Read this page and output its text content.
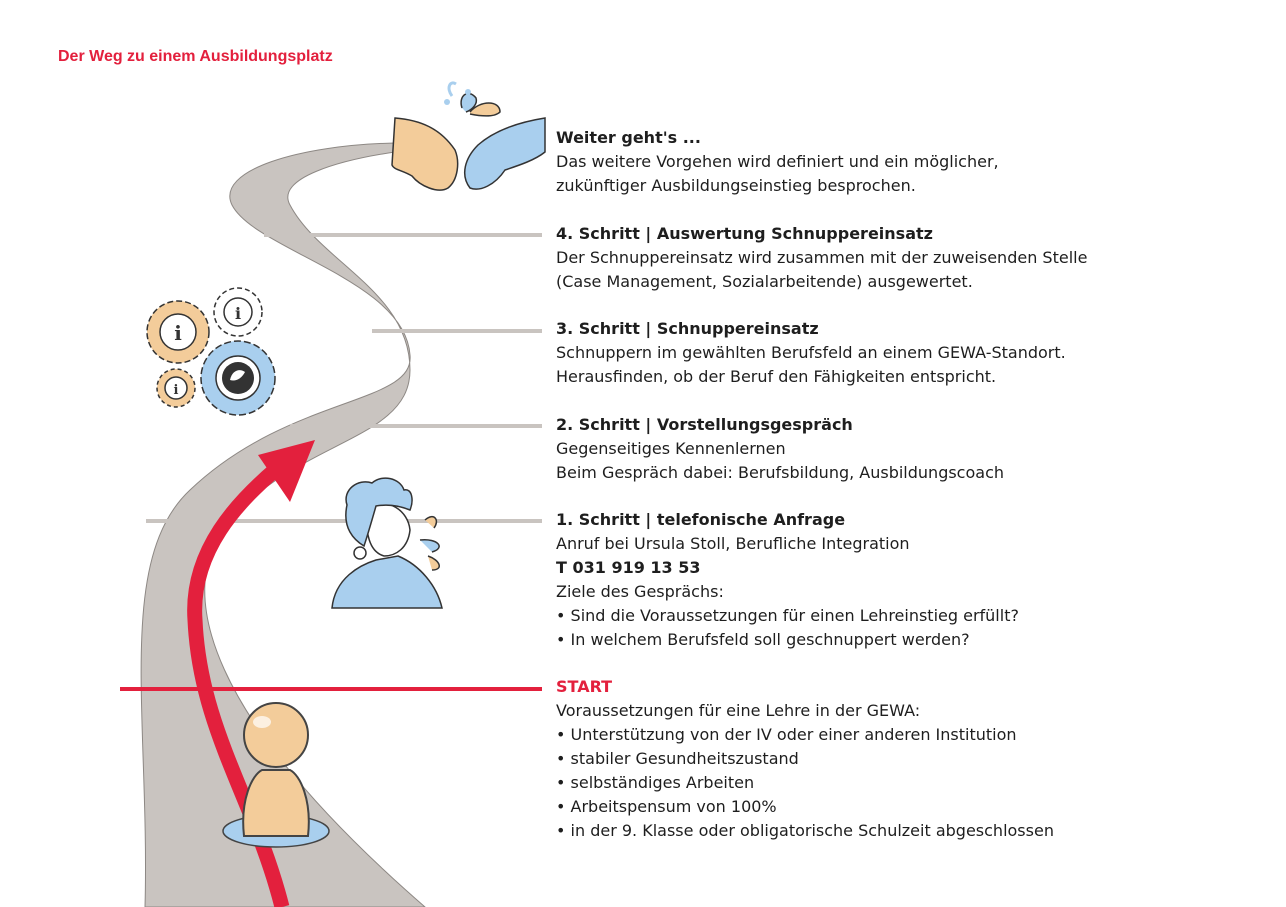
Der Weg zu einem Ausbildungsplatz
i
i
i

Weiter geht's ...

Das weitere Vorgehen wird definiert und ein möglicher,

zukünftiger Ausbildungseinstieg besprochen.

4. Schritt | Auswertung Schnuppereinsatz

Der Schnuppereinsatz wird zusammen mit der zuweisenden Stelle

(Case Management, Sozialarbeitende) ausgewertet.

3. Schritt | Schnuppereinsatz

Schnuppern im gewählten Berufsfeld an einem GEWA-Standort.

Herausfinden, ob der Beruf den Fähigkeiten entspricht.

2. Schritt | Vorstellungsgespräch

Gegenseitiges Kennenlernen

Beim Gespräch dabei: Berufsbildung, Ausbildungscoach

1. Schritt | telefonische Anfrage

Anruf bei Ursula Stoll, Berufliche Integration

T 031 919 13 53

Ziele des Gesprächs:

• Sind die Voraussetzungen für einen Lehreinstieg erfüllt?
• In welchem Berufsfeld soll geschnuppert werden?

START

Voraussetzungen für eine Lehre in der GEWA:

• Unterstützung von der IV oder einer anderen Institution
• stabiler Gesundheitszustand
• selbständiges Arbeiten
• Arbeitspensum von 100%
• in der 9. Klasse oder obligatorische Schulzeit abgeschlossen
